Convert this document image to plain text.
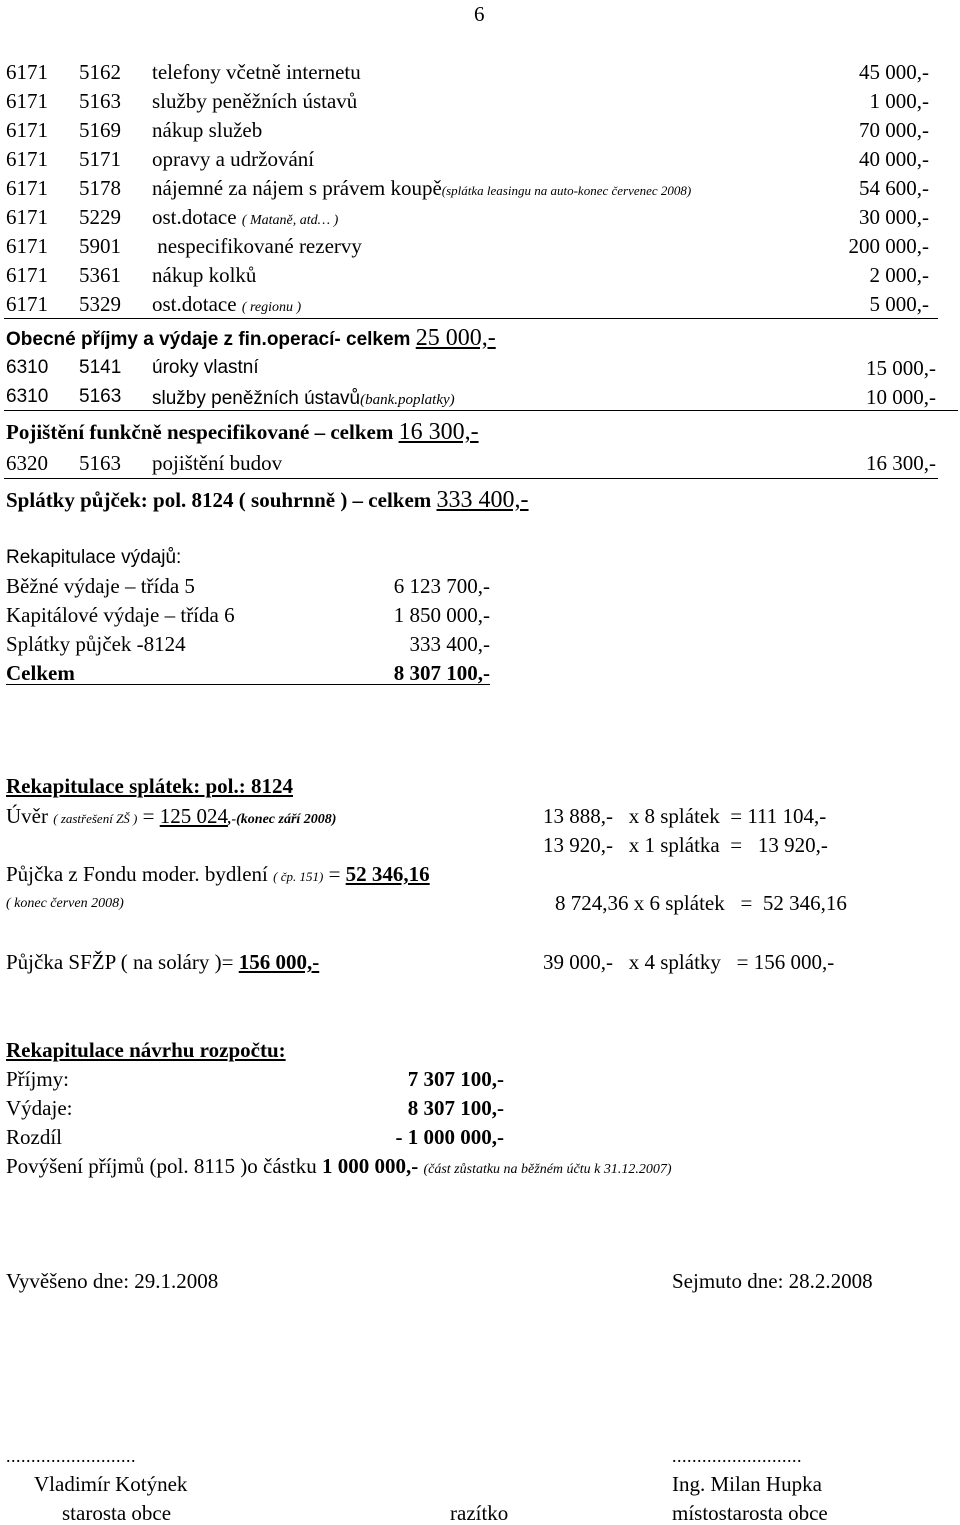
6
6171 5162 telefony včetně internetu	45 000,-
6171 5163 služby peněžních ústavů	1 000,-
6171 5169 nákup služeb	70 000,-
6171 5171 opravy a udržování	40 000,-
6171 5178 nájemné za nájem s právem koupě(splátka leasingu na auto-konec červenec 2008)	54 600,-
6171 5229 ost.dotace ( Mataně, atd… )	30 000,-
6171 5901 nespecifikované rezervy	200 000,-
6171 5361 nákup kolků	2 000,-
6171 5329 ost.dotace ( regionu )	5 000,-
Obecné příjmy a výdaje z fin.operací- celkem 25 000,-
6310 5141 úroky vlastní	15 000,-
6310 5163 služby peněžních ústavů(bank.poplatky)	10 000,-
Pojištění funkčně nespecifikované – celkem 16 300,-
6320 5163 pojištění budov	16 300,-
Splátky půjček: pol. 8124 ( souhrnně ) – celkem 333 400,-
Rekapitulace výdajů:
Běžné výdaje – třída 5	6 123 700,-
Kapitálové výdaje – třída 6	1 850 000,-
Splátky půjček -8124	333 400,-
Celkem	8 307 100,-
Rekapitulace splátek: pol.: 8124
Úvěr ( zastřešení ZŠ ) = 125 024,-(konec září 2008)	13 888,-   x 8 splátek  = 111 104,-
13 920,-   x 1 splátka  =   13 920,-
Půjčka z Fondu moder. bydlení ( čp. 151) = 52 346,16
( konec červen 2008)	8 724,36 x 6 splátek   =  52 346,16
Půjčka SFŽP ( na soláry )= 156 000,-	39 000,-   x 4 splátky   = 156 000,-
Rekapitulace návrhu rozpočtu:
Příjmy:	7 307 100,-
Výdaje:	8 307 100,-
Rozdíl	- 1 000 000,-
Povýšení příjmů (pol. 8115 )o částku 1 000 000,- (část zůstatku na běžném účtu k 31.12.2007)
Vyvěšeno dne: 29.1.2008	Sejmuto dne: 28.2.2008
..........................	..........................
Vladimír Kotýnek
starosta obce	razítko
Ing. Milan Hupka
místostarosta obce
